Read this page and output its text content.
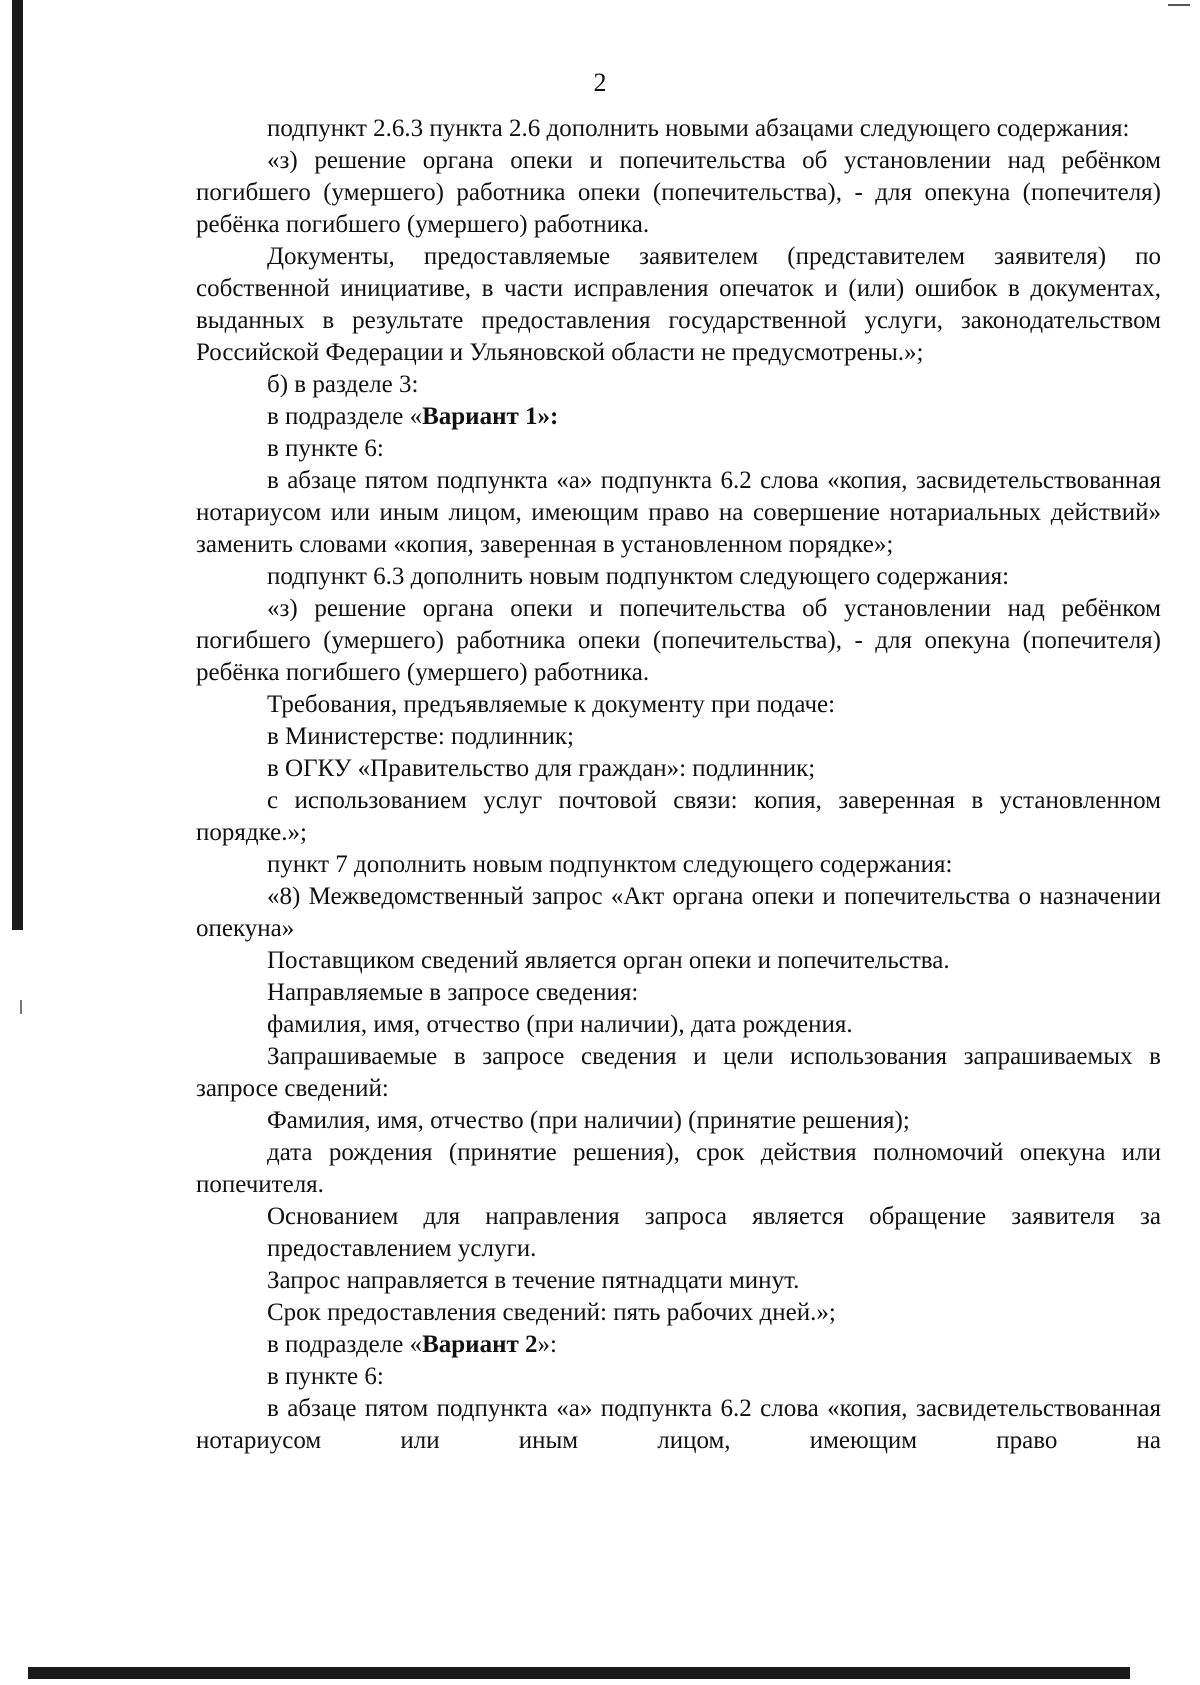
2

подпункт 2.6.3 пункта 2.6 дополнить новыми абзацами следующего содержания:

«з) решение органа опеки и попечительства об установлении над ребёнком погибшего (умершего) работника опеки (попечительства), - для опекуна (попечителя) ребёнка погибшего (умершего) работника.

Документы, предоставляемые заявителем (представителем заявителя) по собственной инициативе, в части исправления опечаток и (или) ошибок в документах, выданных в результате предоставления государственной услуги, законодательством Российской Федерации и Ульяновской области не предусмотрены.»;

б) в разделе 3:

в подразделе «Вариант 1»:

в пункте 6:

в абзаце пятом подпункта «а» подпункта 6.2 слова «копия, засвидетельствованная нотариусом или иным лицом, имеющим право на совершение нотариальных действий» заменить словами «копия, заверенная в установленном порядке»;

подпункт 6.3 дополнить новым подпунктом следующего содержания:

«з) решение органа опеки и попечительства об установлении над ребёнком погибшего (умершего) работника опеки (попечительства), - для опекуна (попечителя) ребёнка погибшего (умершего) работника.

Требования, предъявляемые к документу при подаче:

в Министерстве: подлинник;

в ОГКУ «Правительство для граждан»: подлинник;

с использованием услуг почтовой связи: копия, заверенная в установленном порядке.»;

пункт 7 дополнить новым подпунктом следующего содержания:

«8) Межведомственный запрос «Акт органа опеки и попечительства о назначении опекуна»

Поставщиком сведений является орган опеки и попечительства.

Направляемые в запросе сведения:

фамилия, имя, отчество (при наличии), дата рождения.

Запрашиваемые в запросе сведения и цели использования запрашиваемых в запросе сведений:

Фамилия, имя, отчество (при наличии) (принятие решения);

дата рождения (принятие решения), срок действия полномочий опекуна или попечителя.

Основанием для направления запроса является обращение заявителя за предоставлением услуги.

Запрос направляется в течение пятнадцати минут.

Срок предоставления сведений: пять рабочих дней.»;

в подразделе «Вариант 2»:

в пункте 6:

в абзаце пятом подпункта «а» подпункта 6.2 слова «копия, засвидетельствованная нотариусом или иным лицом, имеющим право на
